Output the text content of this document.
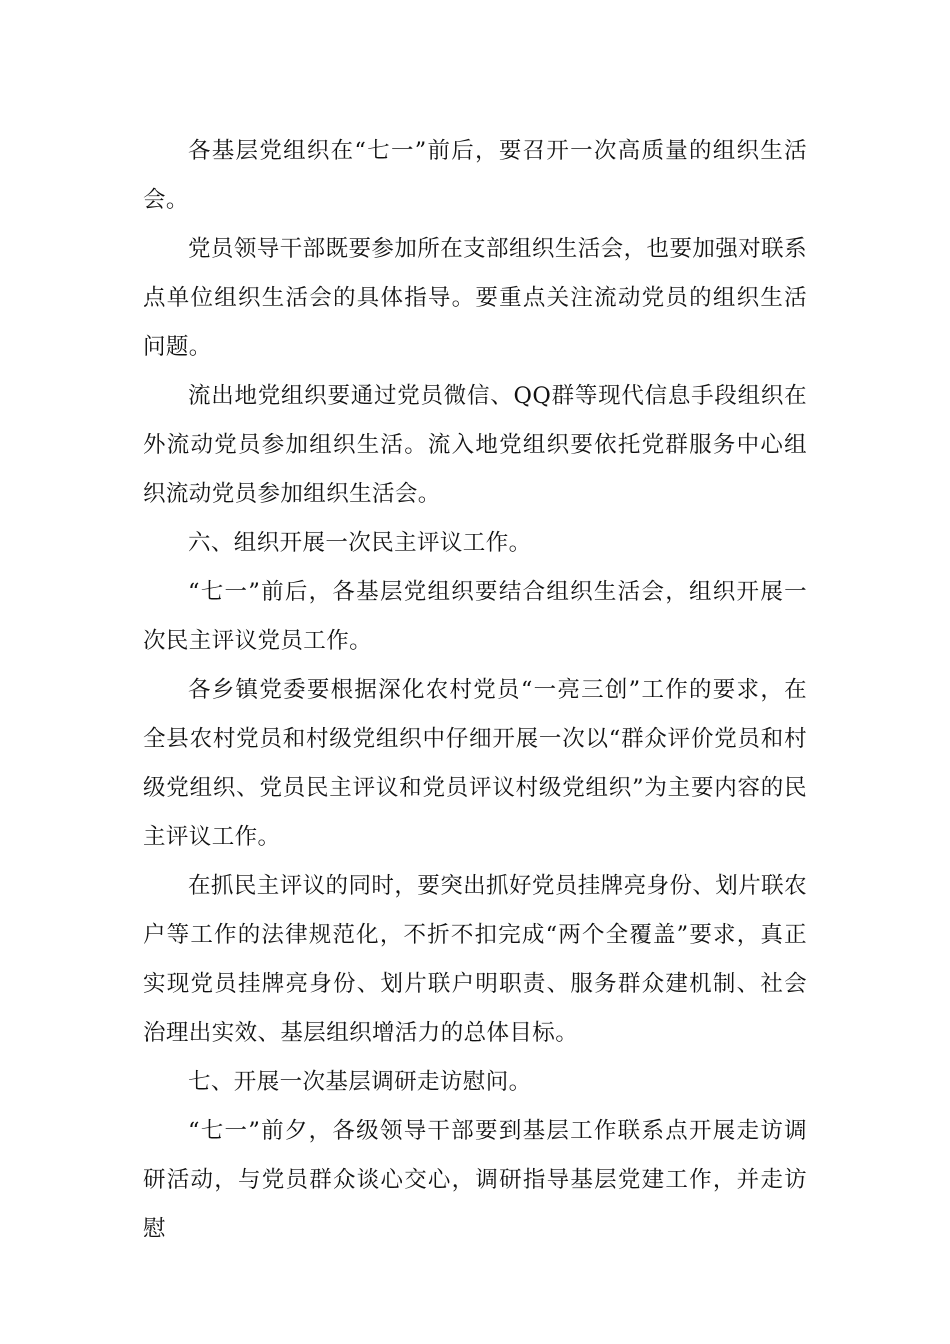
各基层党组织在“七一”前后，要召开一次高质量的组织生活会。

党员领导干部既要参加所在支部组织生活会，也要加强对联系点单位组织生活会的具体指导。要重点关注流动党员的组织生活问题。

流出地党组织要通过党员微信、QQ群等现代信息手段组织在外流动党员参加组织生活。流入地党组织要依托党群服务中心组织流动党员参加组织生活会。

六、组织开展一次民主评议工作。

“七一”前后，各基层党组织要结合组织生活会，组织开展一次民主评议党员工作。

各乡镇党委要根据深化农村党员“一亮三创”工作的要求，在全县农村党员和村级党组织中仔细开展一次以“群众评价党员和村级党组织、党员民主评议和党员评议村级党组织”为主要内容的民主评议工作。

在抓民主评议的同时，要突出抓好党员挂牌亮身份、划片联农户等工作的法律规范化，不折不扣完成“两个全覆盖”要求，真正实现党员挂牌亮身份、划片联户明职责、服务群众建机制、社会治理出实效、基层组织增活力的总体目标。

七、开展一次基层调研走访慰问。

“七一”前夕，各级领导干部要到基层工作联系点开展走访调研活动，与党员群众谈心交心，调研指导基层党建工作，并走访慰
